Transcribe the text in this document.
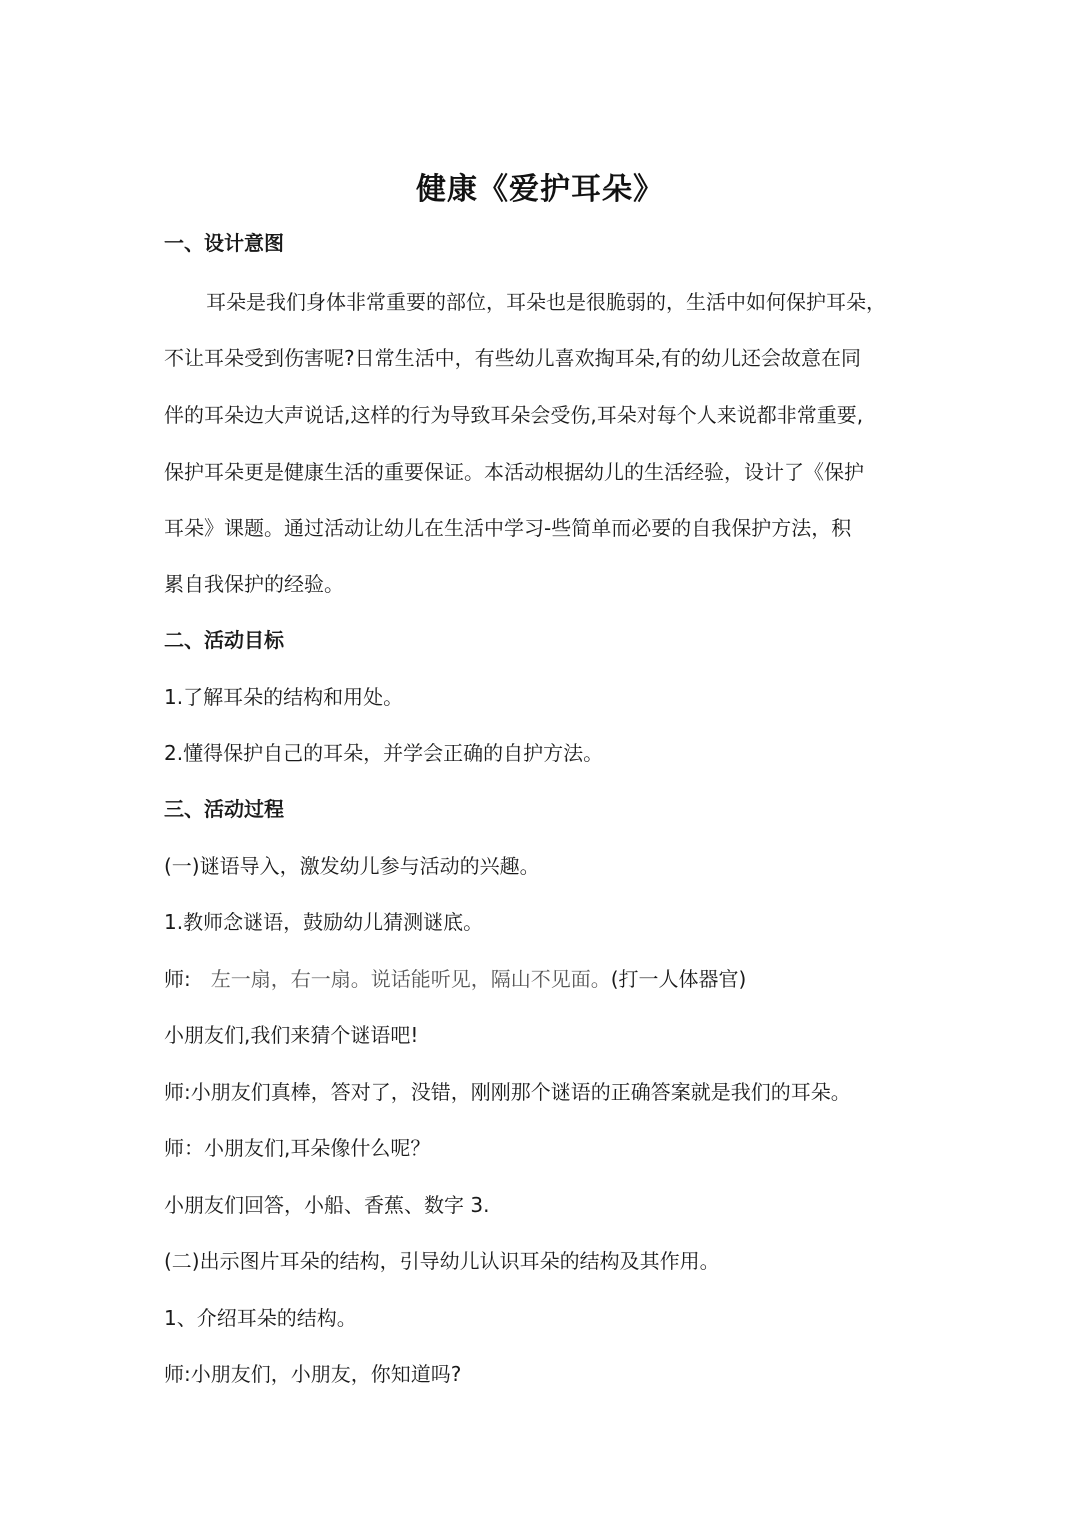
健康《爱护耳朵》
一、设计意图
耳朵是我们身体非常重要的部位，耳朵也是很脆弱的，生活中如何保护耳朵，
不让耳朵受到伤害呢?日常生活中，有些幼儿喜欢掏耳朵,有的幼儿还会故意在同
伴的耳朵边大声说话,这样的行为导致耳朵会受伤,耳朵对每个人来说都非常重要,
保护耳朵更是健康生活的重要保证。本活动根据幼儿的生活经验，设计了《保护
耳朵》课题。通过活动让幼儿在生活中学习-些简单而必要的自我保护方法，积
累自我保护的经验。
二、活动目标
1.了解耳朵的结构和用处。
2.懂得保护自己的耳朵，并学会正确的自护方法。
三、活动过程
(一)谜语导入，激发幼儿参与活动的兴趣。
1.教师念谜语，鼓励幼儿猜测谜底。
师: 左一扇，右一扇。说话能听见，隔山不见面。(打一人体器官)
小朋友们,我们来猜个谜语吧!
师:小朋友们真棒，答对了，没错，刚刚那个谜语的正确答案就是我们的耳朵。
师：小朋友们,耳朵像什么呢？
小朋友们回答，小船、香蕉、数字 3.
(二)出示图片耳朵的结构，引导幼儿认识耳朵的结构及其作用。
1、介绍耳朵的结构。
师:小朋友们，小朋友，你知道吗?
